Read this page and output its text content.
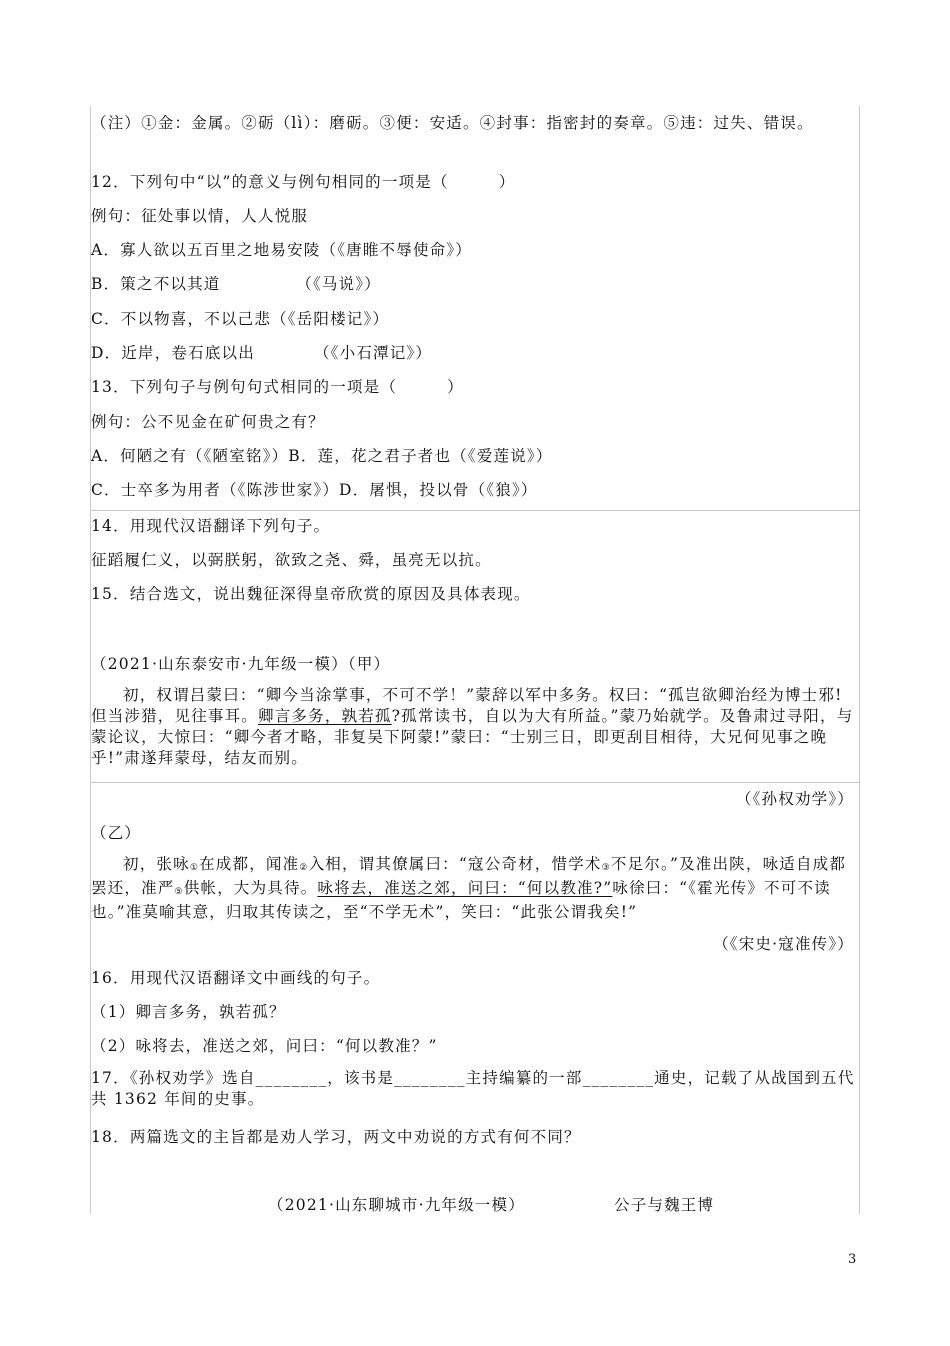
（注）①金：金属。②砺（lì）：磨砺。③便：安适。④封事：指密封的奏章。⑤违：过失、错误。
12．下列句中“以”的意义与例句相同的一项是（　　　）
例句：征处事以情，人人悦服
A．寡人欲以五百里之地易安陵（《唐睢不辱使命》）
B．策之不以其道　　　　　（《马说》）
C．不以物喜，不以己悲（《岳阳楼记》）
D．近岸，卷石底以出　　　　（《小石潭记》）
13．下列句子与例句句式相同的一项是（　　　）
例句：公不见金在矿何贵之有？
A．何陋之有（《陋室铭》）B．莲，花之君子者也（《爱莲说》）
C．士卒多为用者（《陈涉世家》）D．屠惧，投以骨（《狼》）
14．用现代汉语翻译下列句子。
征蹈履仁义，以弼朕躬，欲致之尧、舜，虽亮无以抗。
15．结合选文，说出魏征深得皇帝欣赏的原因及具体表现。
（2021·山东泰安市·九年级一模）（甲）
初，权谓吕蒙曰：“卿今当涂掌事，不可不学！”蒙辞以军中多务。权曰：“孤岂欲卿治经为博士邪!但当涉猎，见往事耳。卿言多务，孰若孤?孤常读书，自以为大有所益。”蒙乃始就学。及鲁肃过寻阳，与蒙论议，大惊曰：“卿今者才略，非复吴下阿蒙!”蒙曰：“士别三日，即更刮目相待，大兄何见事之晚乎!”肃遂拜蒙母，结友而别。
（《孙权劝学》）
（乙）
初，张咏$_①$在成都，闻准$_②$入相，谓其僚属曰：“寇公奇材，惜学术$_③$不足尔。”及准出陕，咏适自成都罢还，准严$_⑤$供帐，大为具待。咏将去，准送之郊，问曰：“何以教准?”咏徐曰：“《霍光传》不可不读也。”准莫喻其意，归取其传读之，至“不学无术”，笑曰：“此张公谓我矣!”
（《宋史·寇准传》）
16．用现代汉语翻译文中画线的句子。
（1）卿言多务，孰若孤？
（2）咏将去，准送之郊，问曰：“何以教准？”
17．《孙权劝学》选自________，该书是________主持编纂的一部________通史，记载了从战国到五代共 1362 年间的史事。
18．两篇选文的主旨都是劝人学习，两文中劝说的方式有何不同？
（2021·山东聊城市·九年级一模）	公子与魏王博
3
